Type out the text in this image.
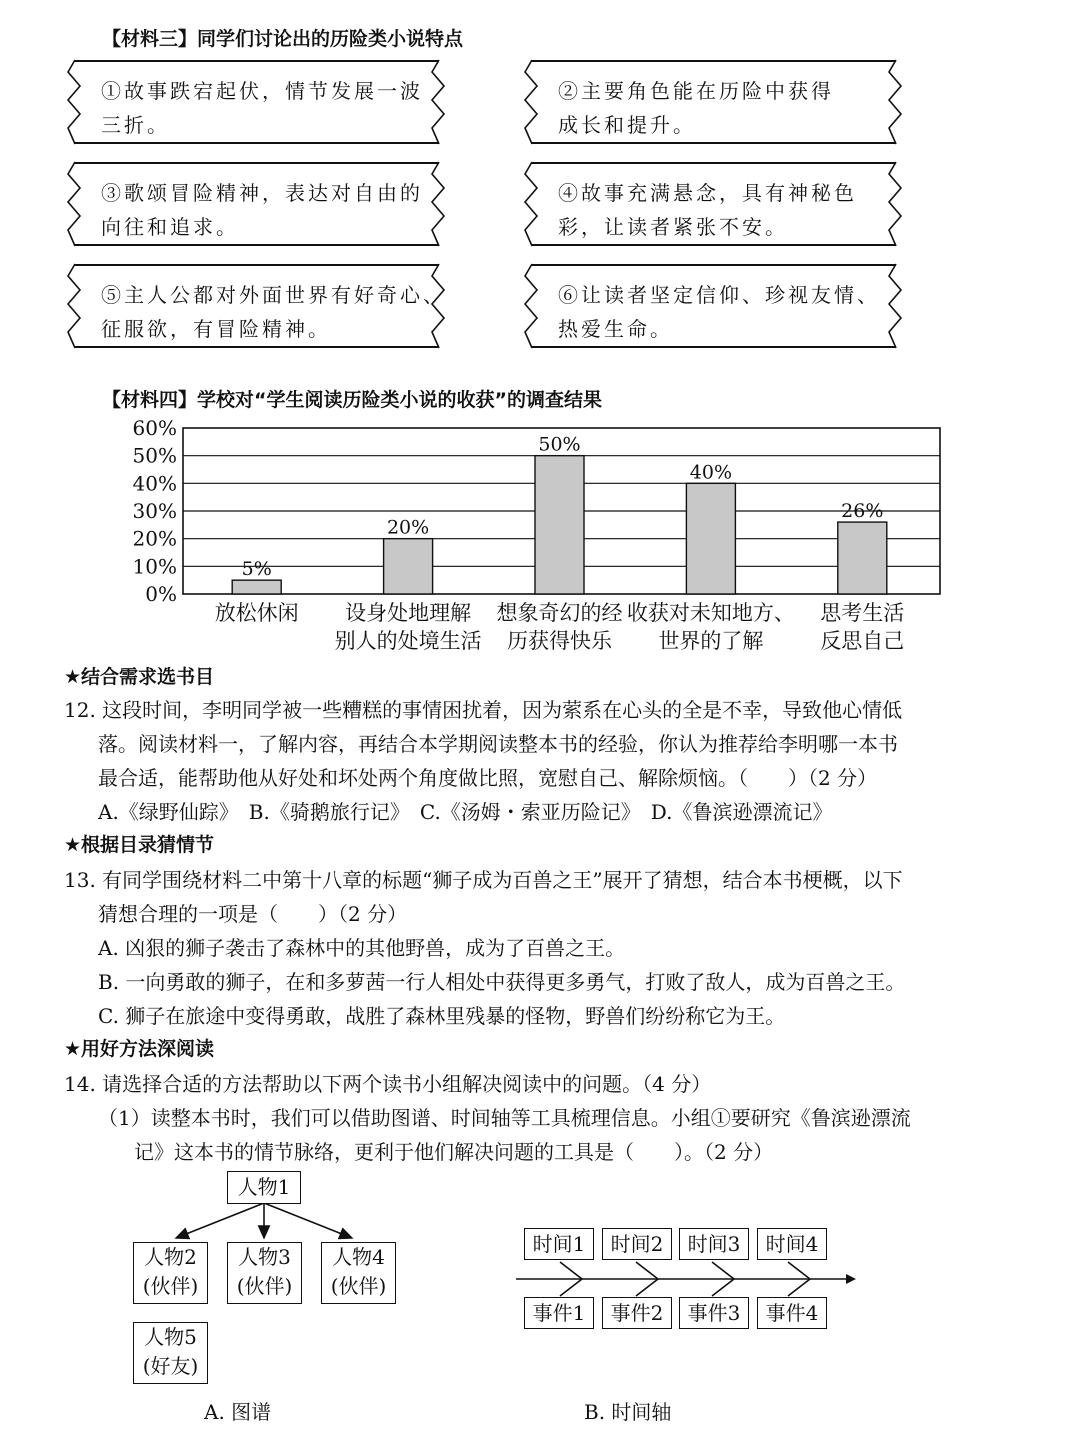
【材料三】同学们讨论出的历险类小说特点
①故事跌宕起伏，情节发展一波
三折。
②主要角色能在历险中获得
成长和提升。
③歌颂冒险精神，表达对自由的
向往和追求。
④故事充满悬念，具有神秘色
彩，让读者紧张不安。
⑤主人公都对外面世界有好奇心、
征服欲，有冒险精神。
⑥让读者坚定信仰、珍视友情、
热爱生命。
【材料四】学校对“学生阅读历险类小说的收获”的调查结果
0%
10%
20%
30%
40%
50%
60%
5%
放松休闲
20%
设身处地理解
别人的处境生活
50%
想象奇幻的经
历获得快乐
40%
收获对未知地方、
世界的了解
26%
思考生活
反思自己
★结合需求选书目
12. 这段时间，李明同学被一些糟糕的事情困扰着，因为萦系在心头的全是不幸，导致他心情低
落。阅读材料一，了解内容，再结合本学期阅读整本书的经验，你认为推荐给李明哪一本书
最合适，能帮助他从好处和坏处两个角度做比照，宽慰自己、解除烦恼。（　　）（2 分）
A.《绿野仙踪》　B.《骑鹅旅行记》　C.《汤姆・索亚历险记》　D.《鲁滨逊漂流记》
★根据目录猜情节
13. 有同学围绕材料二中第十八章的标题“狮子成为百兽之王”展开了猜想，结合本书梗概，以下
猜想合理的一项是（　　）（2 分）
A. 凶狠的狮子袭击了森林中的其他野兽，成为了百兽之王。
B. 一向勇敢的狮子，在和多萝茜一行人相处中获得更多勇气，打败了敌人，成为百兽之王。
C. 狮子在旅途中变得勇敢，战胜了森林里残暴的怪物，野兽们纷纷称它为王。
★用好方法深阅读
14. 请选择合适的方法帮助以下两个读书小组解决阅读中的问题。（4 分）
（1）读整本书时，我们可以借助图谱、时间轴等工具梳理信息。小组①要研究《鲁滨逊漂流
记》这本书的情节脉络，更利于他们解决问题的工具是（　　）。（2 分）
人物1
人物2
(伙伴)
人物3
(伙伴)
人物4
(伙伴)
人物5
(好友)
A. 图谱
时间1	时间2	时间3	时间4
事件1	事件2	事件3	事件4
B. 时间轴
